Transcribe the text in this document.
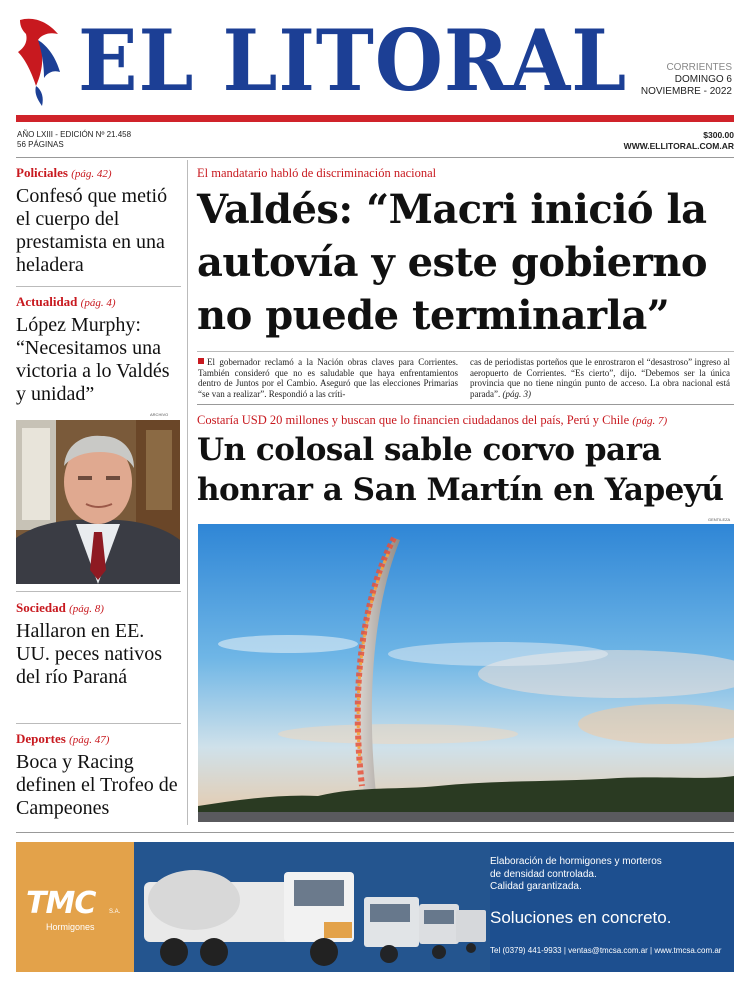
EL LITORAL	CORRIENTES
DOMINGO 6
NOVIEMBRE - 2022
AÑO LXIII - EDICIÓN Nº 21.458
56 PÁGINAS
$300.00
WWW.ELLITORAL.COM.AR
Policiales (pág. 42)
Confesó que metió el cuerpo del prestamista en una heladera
Actualidad (pág. 4)
López Murphy: “Necesitamos una victoria a lo Valdés y unidad”
ARCHIVO
Sociedad (pág. 8)
Hallaron en EE. UU. peces nativos del río Paraná
Deportes (pág. 47)
Boca y Racing definen el Trofeo de Campeones
El mandatario habló de discriminación nacional
Valdés: “Macri inició la autovía y este gobierno no puede terminarla”
El gobernador reclamó a la Nación obras claves para Corrientes. También consideró que no es saludable que haya enfrentamientos dentro de Juntos por el Cambio. Aseguró que las elecciones Primarias “se van a realizar”. Respondió a las críti-
cas de periodistas porteños que le enrostraron el “desastroso” ingreso al aeropuerto de Corrientes. “Es cierto”, dijo. “Debemos ser la única provincia que no tiene ningún punto de acceso. La obra nacional está parada”. (pág. 3)
Costaría USD 20 millones y buscan que lo financien ciudadanos del país, Perú y Chile (pág. 7)
Un colosal sable corvo para honrar a San Martín en Yapeyú
GENTILEZA
TMC S.A.
Hormigones
Elaboración de hormigones y morteros
de densidad controlada.
Calidad garantizada.
Soluciones en concreto.
Tel (0379) 441-9933 | ventas@tmcsa.com.ar | www.tmcsa.com.ar
